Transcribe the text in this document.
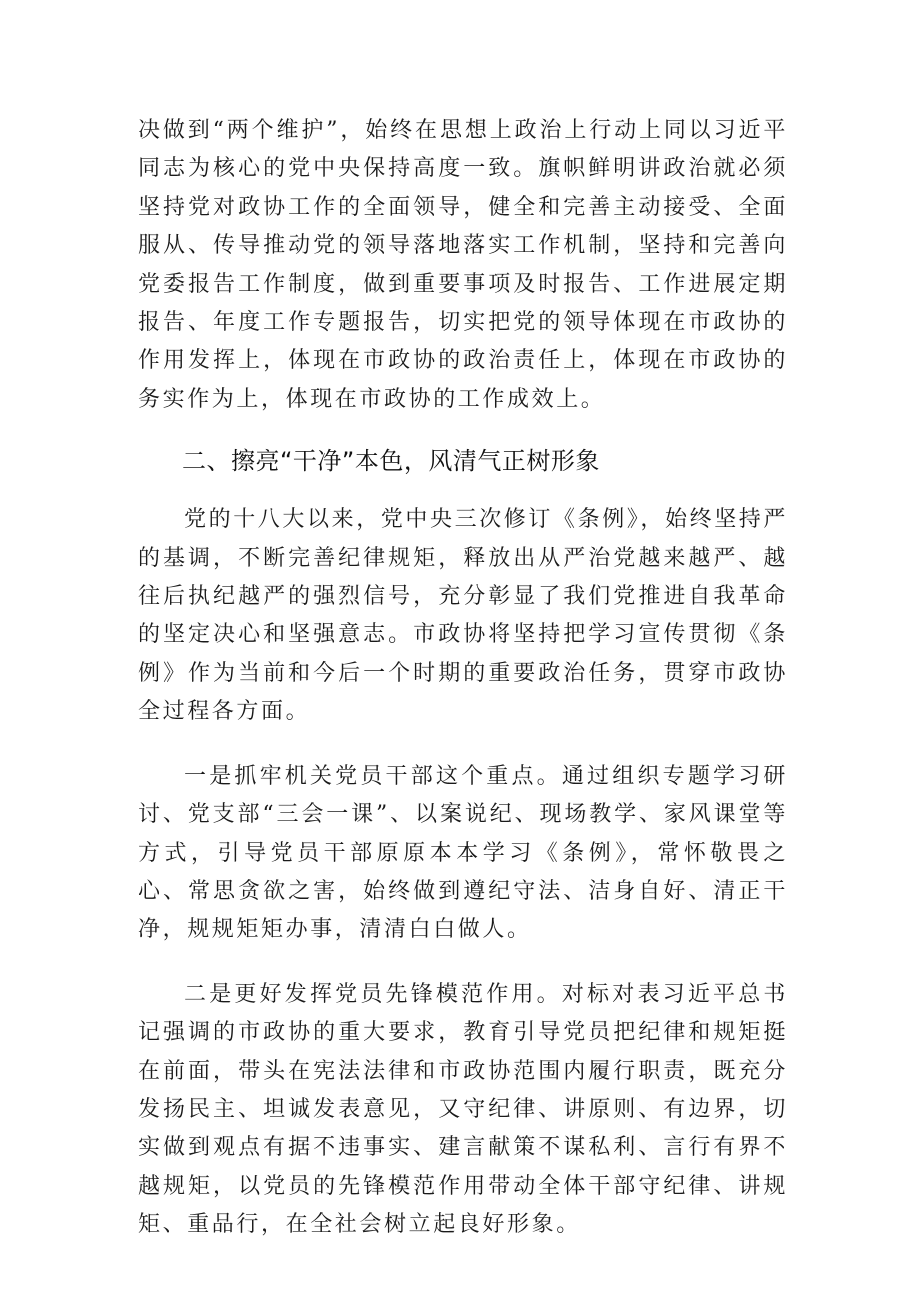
决做到“两个维护”，始终在思想上政治上行动上同以习近平同志为核心的党中央保持高度一致。旗帜鲜明讲政治就必须坚持党对政协工作的全面领导，健全和完善主动接受、全面服从、传导推动党的领导落地落实工作机制，坚持和完善向党委报告工作制度，做到重要事项及时报告、工作进展定期报告、年度工作专题报告，切实把党的领导体现在市政协的作用发挥上，体现在市政协的政治责任上，体现在市政协的务实作为上，体现在市政协的工作成效上。

二、擦亮“干净”本色，风清气正树形象

党的十八大以来，党中央三次修订《条例》，始终坚持严的基调，不断完善纪律规矩，释放出从严治党越来越严、越往后执纪越严的强烈信号，充分彰显了我们党推进自我革命的坚定决心和坚强意志。市政协将坚持把学习宣传贯彻《条例》作为当前和今后一个时期的重要政治任务，贯穿市政协全过程各方面。

一是抓牢机关党员干部这个重点。通过组织专题学习研讨、党支部“三会一课”、以案说纪、现场教学、家风课堂等方式，引导党员干部原原本本学习《条例》，常怀敬畏之心、常思贪欲之害，始终做到遵纪守法、洁身自好、清正干净，规规矩矩办事，清清白白做人。

二是更好发挥党员先锋模范作用。对标对表习近平总书记强调的市政协的重大要求，教育引导党员把纪律和规矩挺在前面，带头在宪法法律和市政协范围内履行职责，既充分发扬民主、坦诚发表意见，又守纪律、讲原则、有边界，切实做到观点有据不违事实、建言献策不谋私利、言行有界不越规矩，以党员的先锋模范作用带动全体干部守纪律、讲规矩、重品行，在全社会树立起良好形象。
